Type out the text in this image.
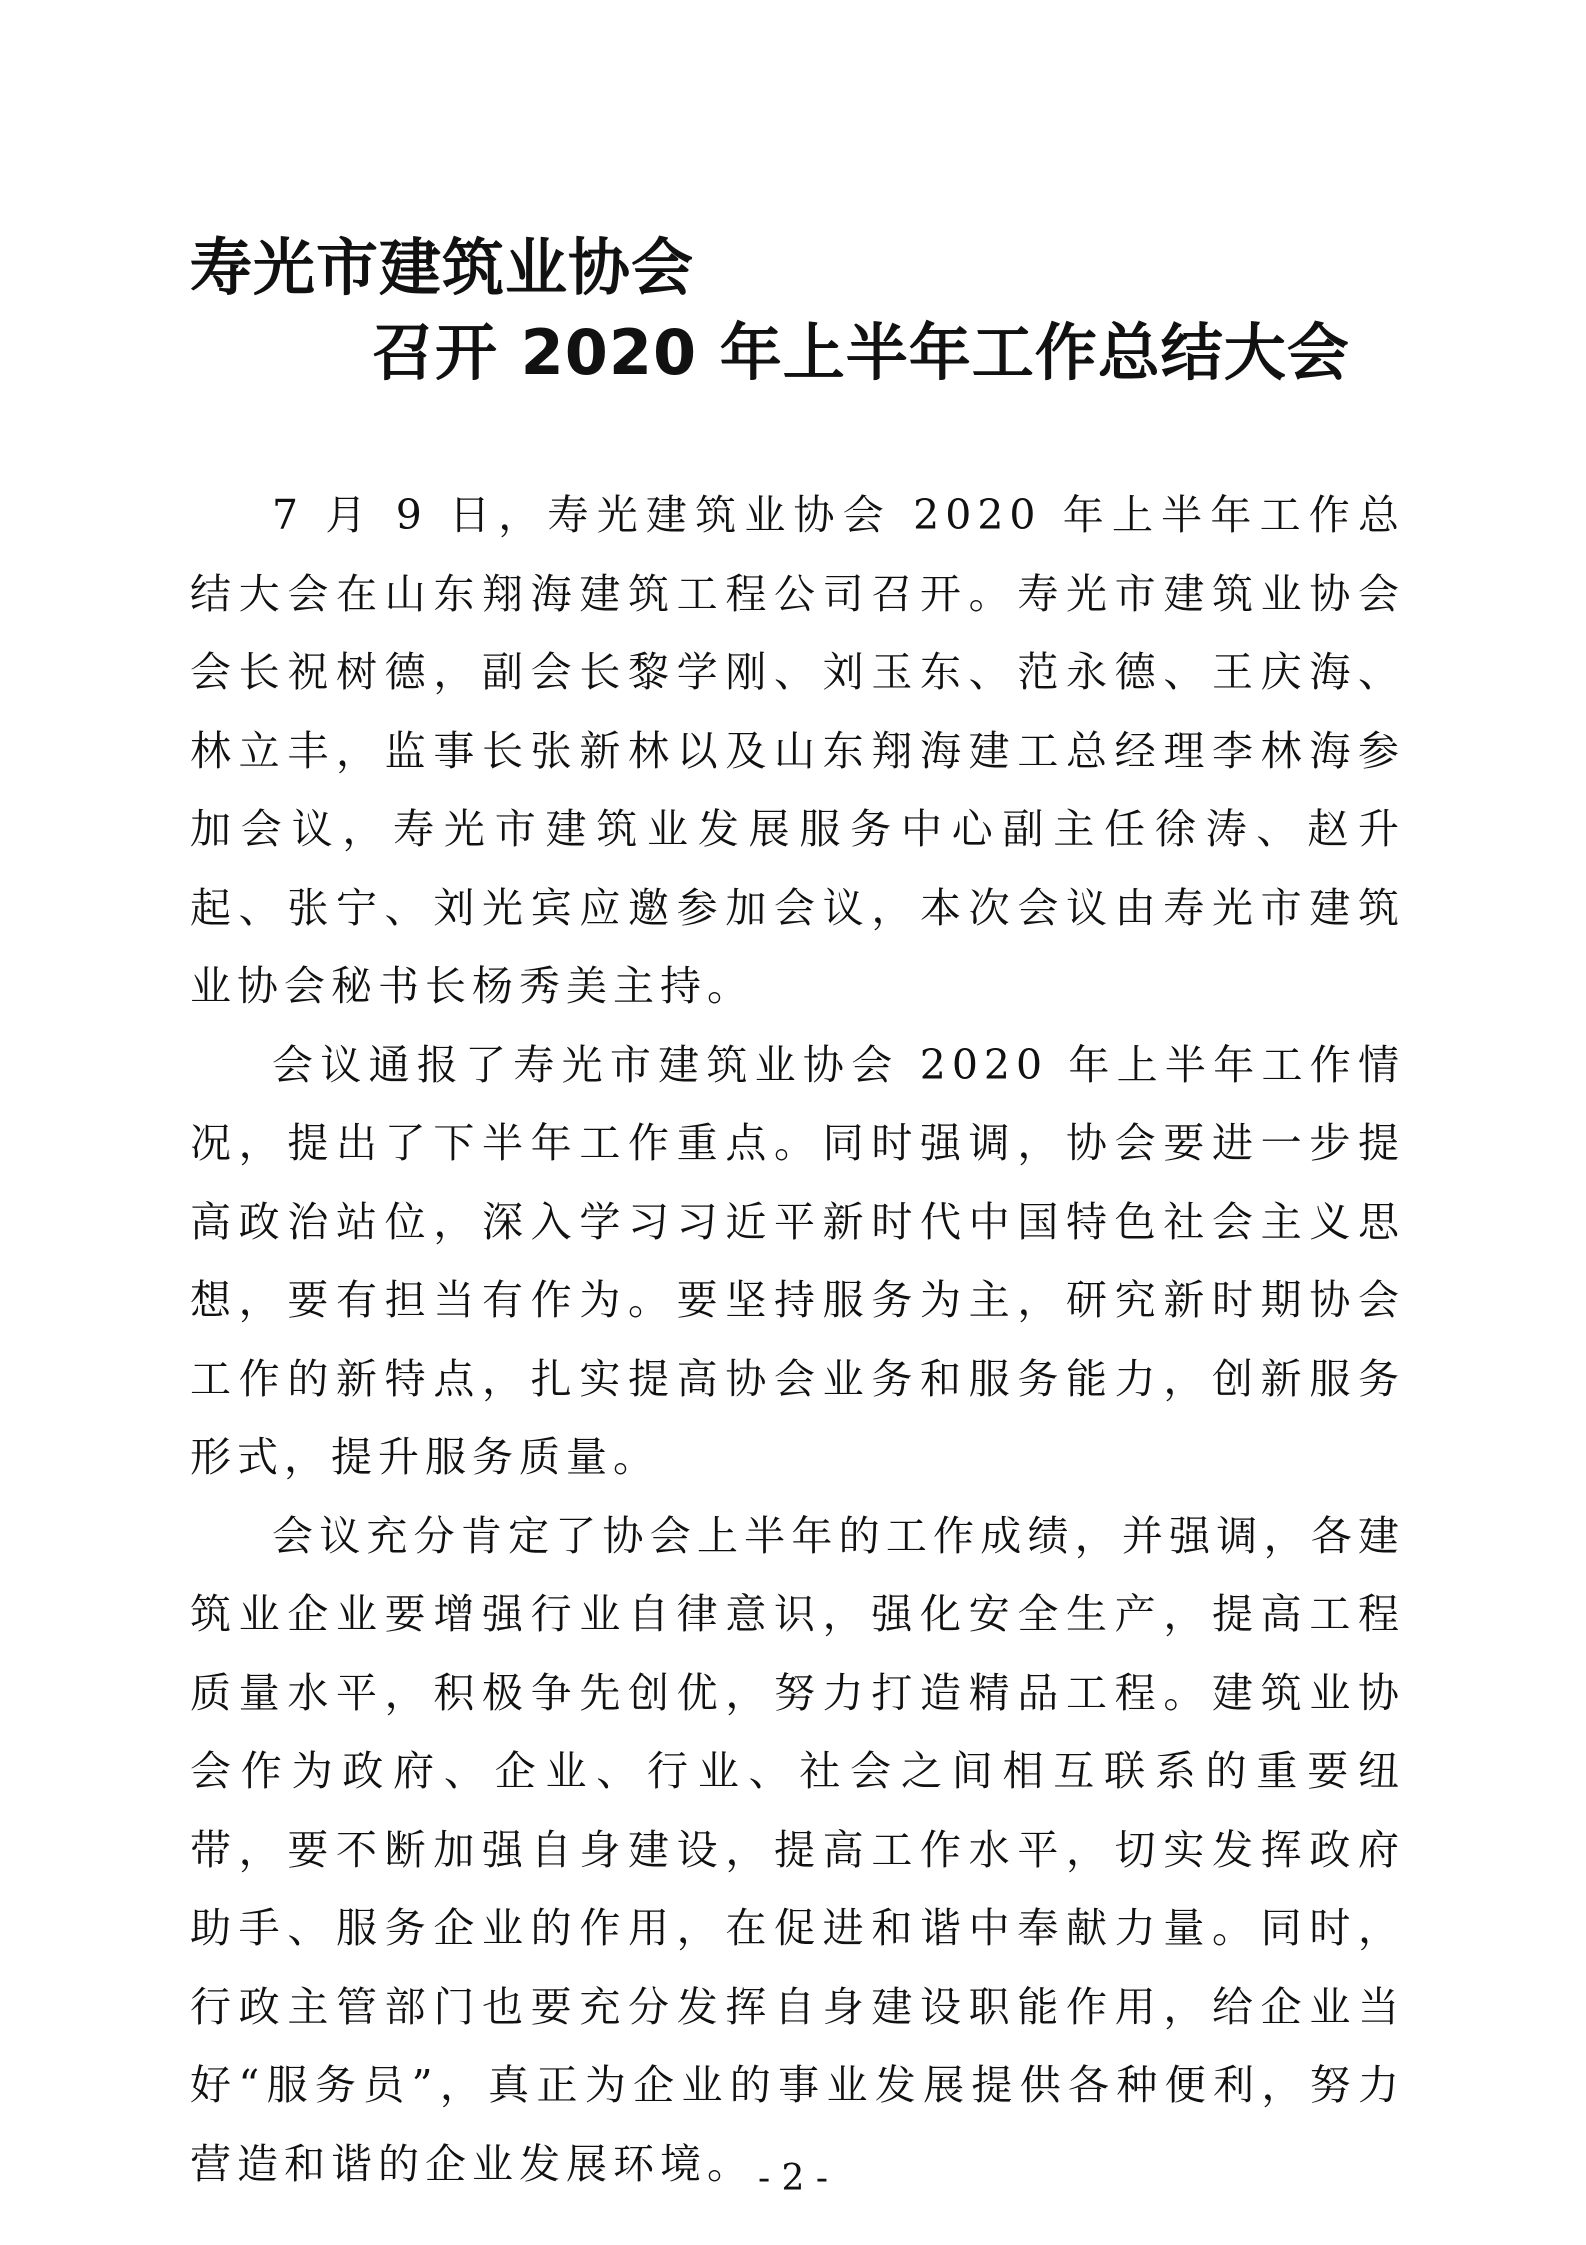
寿光市建筑业协会
召开 2020 年上半年工作总结大会

7 月 9 日，寿光建筑业协会 2020 年上半年工作总结大会在山东翔海建筑工程公司召开。寿光市建筑业协会会长祝树德，副会长黎学刚、刘玉东、范永德、王庆海、林立丰，监事长张新林以及山东翔海建工总经理李林海参加会议，寿光市建筑业发展服务中心副主任徐涛、赵升起、张宁、刘光宾应邀参加会议，本次会议由寿光市建筑业协会秘书长杨秀美主持。

会议通报了寿光市建筑业协会 2020 年上半年工作情况，提出了下半年工作重点。同时强调，协会要进一步提高政治站位，深入学习习近平新时代中国特色社会主义思想，要有担当有作为。要坚持服务为主，研究新时期协会工作的新特点，扎实提高协会业务和服务能力，创新服务形式，提升服务质量。

会议充分肯定了协会上半年的工作成绩，并强调，各建筑业企业要增强行业自律意识，强化安全生产，提高工程质量水平，积极争先创优，努力打造精品工程。建筑业协会作为政府、企业、行业、社会之间相互联系的重要纽带，要不断加强自身建设，提高工作水平，切实发挥政府助手、服务企业的作用，在促进和谐中奉献力量。同时，行政主管部门也要充分发挥自身建设职能作用，给企业当好“服务员”，真正为企业的事业发展提供各种便利，努力营造和谐的企业发展环境。 - 2 -
